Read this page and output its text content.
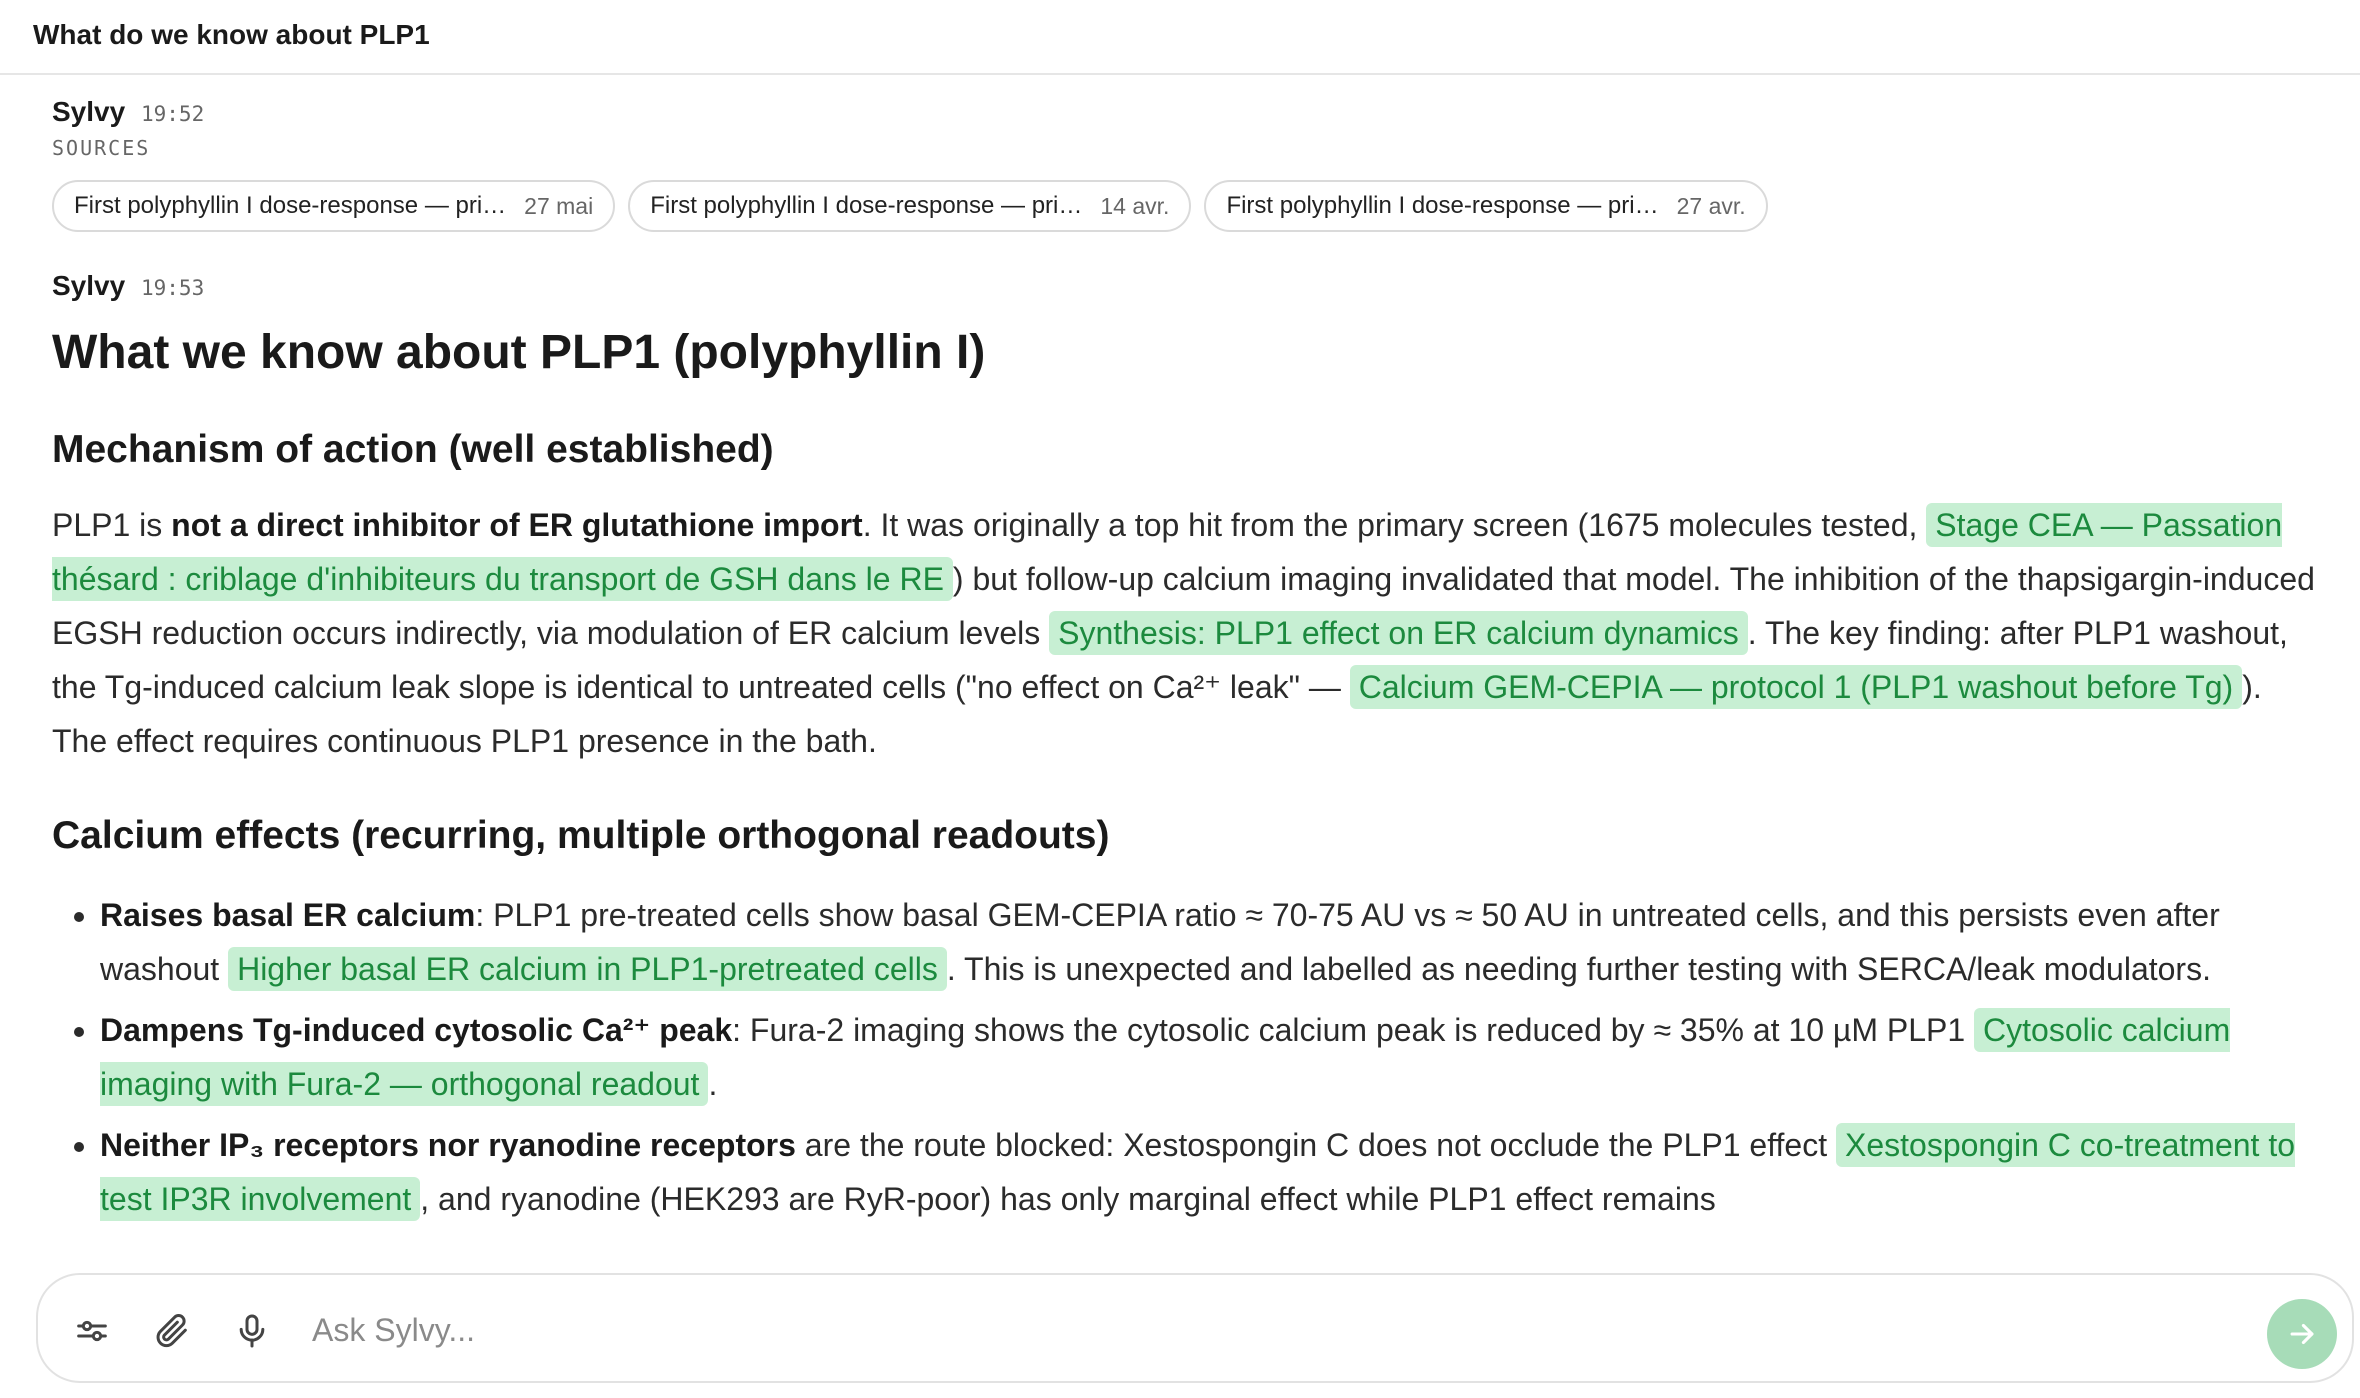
What do we know about PLP1
Sylvy 19:52
SOURCES
First polyphyllin I dose-response — pri… 27 mai First polyphyllin I dose-response — pri… 14 avr. First polyphyllin I dose-response — pri… 27 avr.
Sylvy 19:53
What we know about PLP1 (polyphyllin I)
Mechanism of action (well established)

PLP1 is not a direct inhibitor of ER glutathione import. It was originally a top hit from the primary screen (1675 molecules tested, Stage CEA — Passation thésard : criblage d'inhibiteurs du transport de GSH dans le RE ) but follow-up calcium imaging invalidated that model. The inhibition of the thapsigargin-induced EGSH reduction occurs indirectly, via modulation of ER calcium levels Synthesis: PLP1 effect on ER calcium dynamics . The key finding: after PLP1 washout, the Tg-induced calcium leak slope is identical to untreated cells ("no effect on Ca²⁺ leak" — Calcium GEM-CEPIA — protocol 1 (PLP1 washout before Tg) ). The effect requires continuous PLP1 presence in the bath.

Calcium effects (recurring, multiple orthogonal readouts)
• Raises basal ER calcium: PLP1 pre-treated cells show basal GEM-CEPIA ratio ≈ 70-75 AU vs ≈ 50 AU in untreated cells, and this persists even after washout Higher basal ER calcium in PLP1-pretreated cells . This is unexpected and labelled as needing further testing with SERCA/leak modulators.
• Dampens Tg-induced cytosolic Ca²⁺ peak: Fura-2 imaging shows the cytosolic calcium peak is reduced by ≈ 35% at 10 µM PLP1 Cytosolic calcium imaging with Fura-2 — orthogonal readout .
• Neither IP₃ receptors nor ryanodine receptors are the route blocked: Xestospongin C does not occlude the PLP1 effect Xestospongin C co-treatment to test IP3R involvement , and ryanodine (HEK293 are RyR-poor) has only marginal effect while PLP1 effect remains
Ask Sylvy...
